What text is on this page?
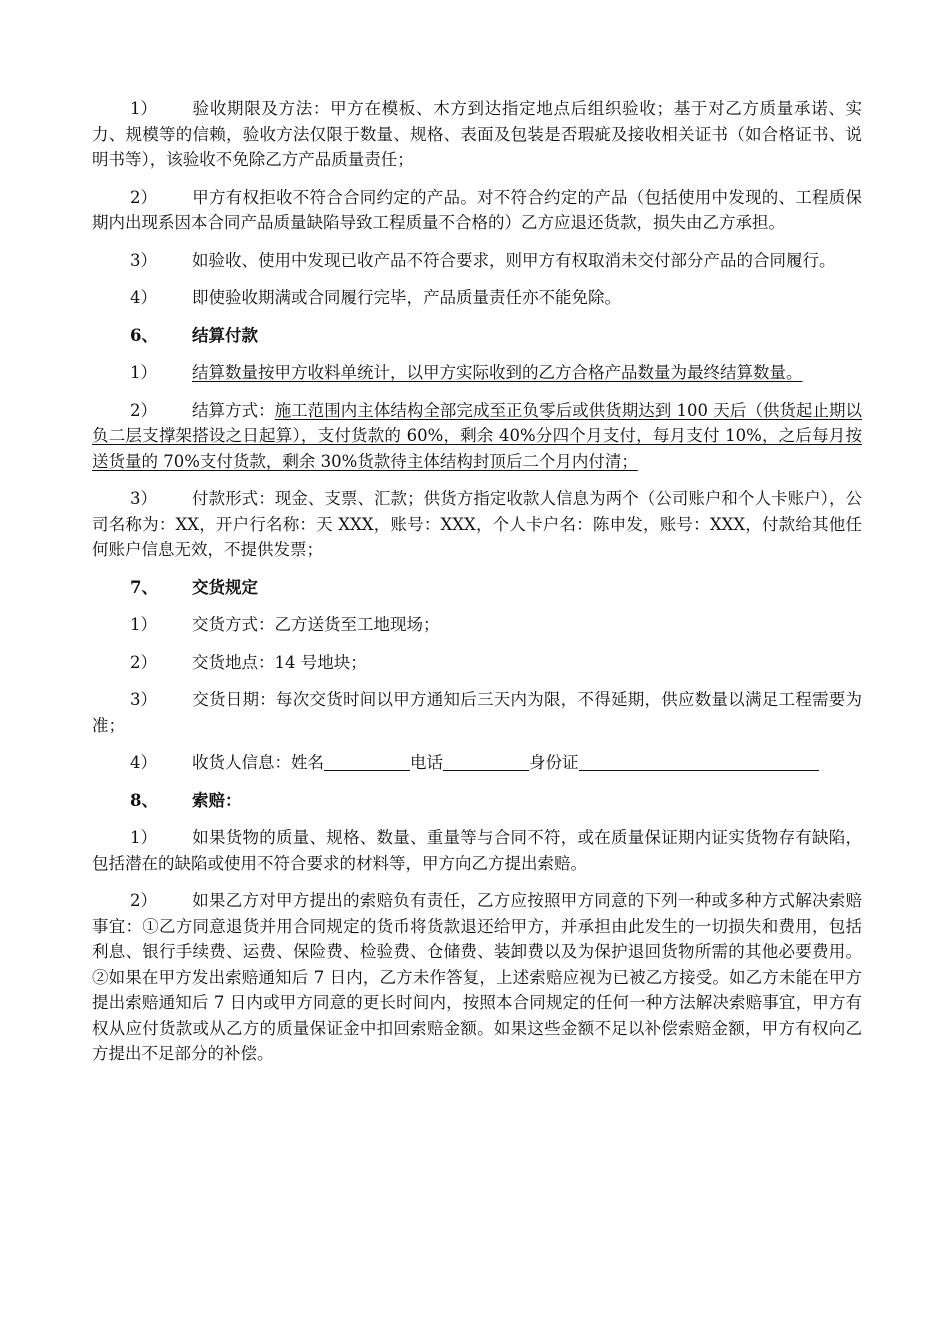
1） 验收期限及方法：甲方在模板、木方到达指定地点后组织验收；基于对乙方质量承诺、实力、规模等的信赖，验收方法仅限于数量、规格、表面及包装是否瑕疵及接收相关证书（如合格证书、说明书等），该验收不免除乙方产品质量责任；

2） 甲方有权拒收不符合合同约定的产品。对不符合约定的产品（包括使用中发现的、工程质保期内出现系因本合同产品质量缺陷导致工程质量不合格的）乙方应退还货款，损失由乙方承担。

3） 如验收、使用中发现已收产品不符合要求，则甲方有权取消未交付部分产品的合同履行。

4） 即使验收期满或合同履行完毕，产品质量责任亦不能免除。

6、 结算付款

1） 结算数量按甲方收料单统计，以甲方实际收到的乙方合格产品数量为最终结算数量。

2） 结算方式：施工范围内主体结构全部完成至正负零后或供货期达到 100 天后（供货起止期以负二层支撑架搭设之日起算），支付货款的 60%，剩余 40%分四个月支付，每月支付 10%，之后每月按送货量的 70%支付货款，剩余 30%货款待主体结构封顶后二个月内付清；

3） 付款形式：现金、支票、汇款；供货方指定收款人信息为两个（公司账户和个人卡账户），公司名称为：XX，开户行名称：天 XXX，账号：XXX，个人卡户名：陈申发，账号：XXX，付款给其他任何账户信息无效，不提供发票；

7、 交货规定

1） 交货方式：乙方送货至工地现场；

2） 交货地点：14 号地块；

3） 交货日期：每次交货时间以甲方通知后三天内为限，不得延期，供应数量以满足工程需要为准；

4） 收货人信息：姓名	电话	身份证

8、 索赔：

1） 如果货物的质量、规格、数量、重量等与合同不符，或在质量保证期内证实货物存有缺陷，包括潜在的缺陷或使用不符合要求的材料等，甲方向乙方提出索赔。

2） 如果乙方对甲方提出的索赔负有责任，乙方应按照甲方同意的下列一种或多种方式解决索赔事宜：①乙方同意退货并用合同规定的货币将货款退还给甲方，并承担由此发生的一切损失和费用，包括利息、银行手续费、运费、保险费、检验费、仓储费、装卸费以及为保护退回货物所需的其他必要费用。②如果在甲方发出索赔通知后 7 日内，乙方未作答复，上述索赔应视为已被乙方接受。如乙方未能在甲方提出索赔通知后 7 日内或甲方同意的更长时间内，按照本合同规定的任何一种方法解决索赔事宜，甲方有权从应付货款或从乙方的质量保证金中扣回索赔金额。如果这些金额不足以补偿索赔金额，甲方有权向乙方提出不足部分的补偿。
